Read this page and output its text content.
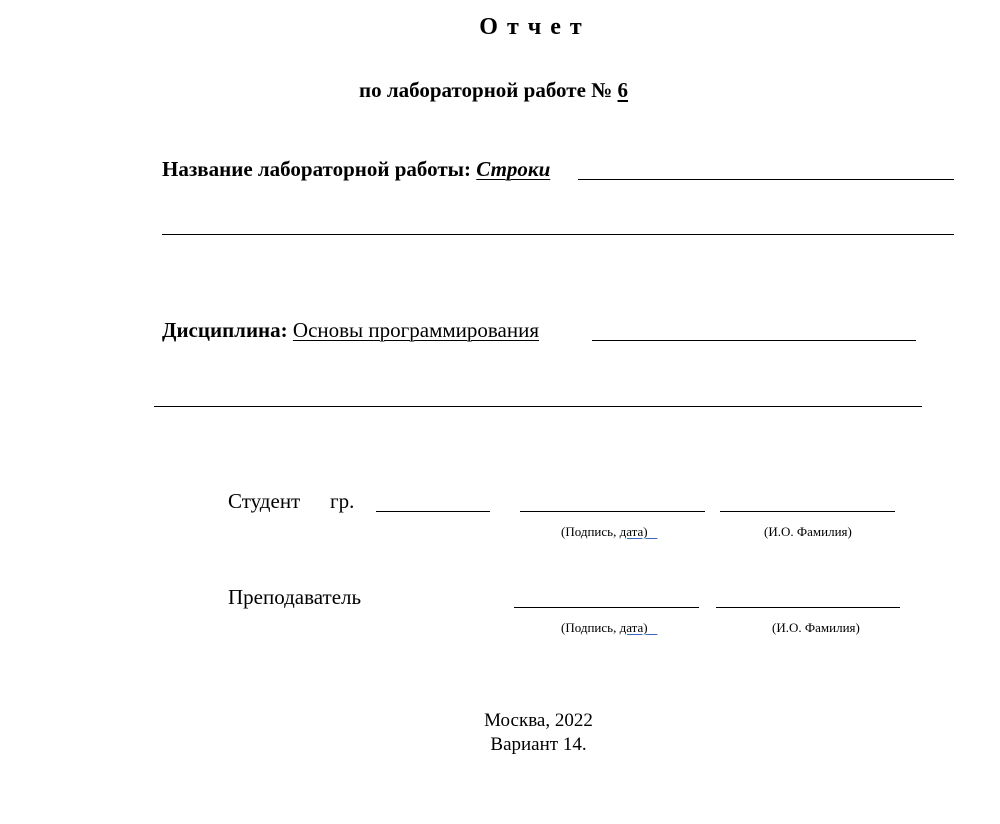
Отчет
по лабораторной работе № 6
Название лабораторной работы: Строки
Дисциплина: Основы программирования
Студент гр.
(Подпись, дата)	(И.О. Фамилия)
Преподаватель
(Подпись, дата)	(И.О. Фамилия)
Москва, 2022
Вариант 14.
